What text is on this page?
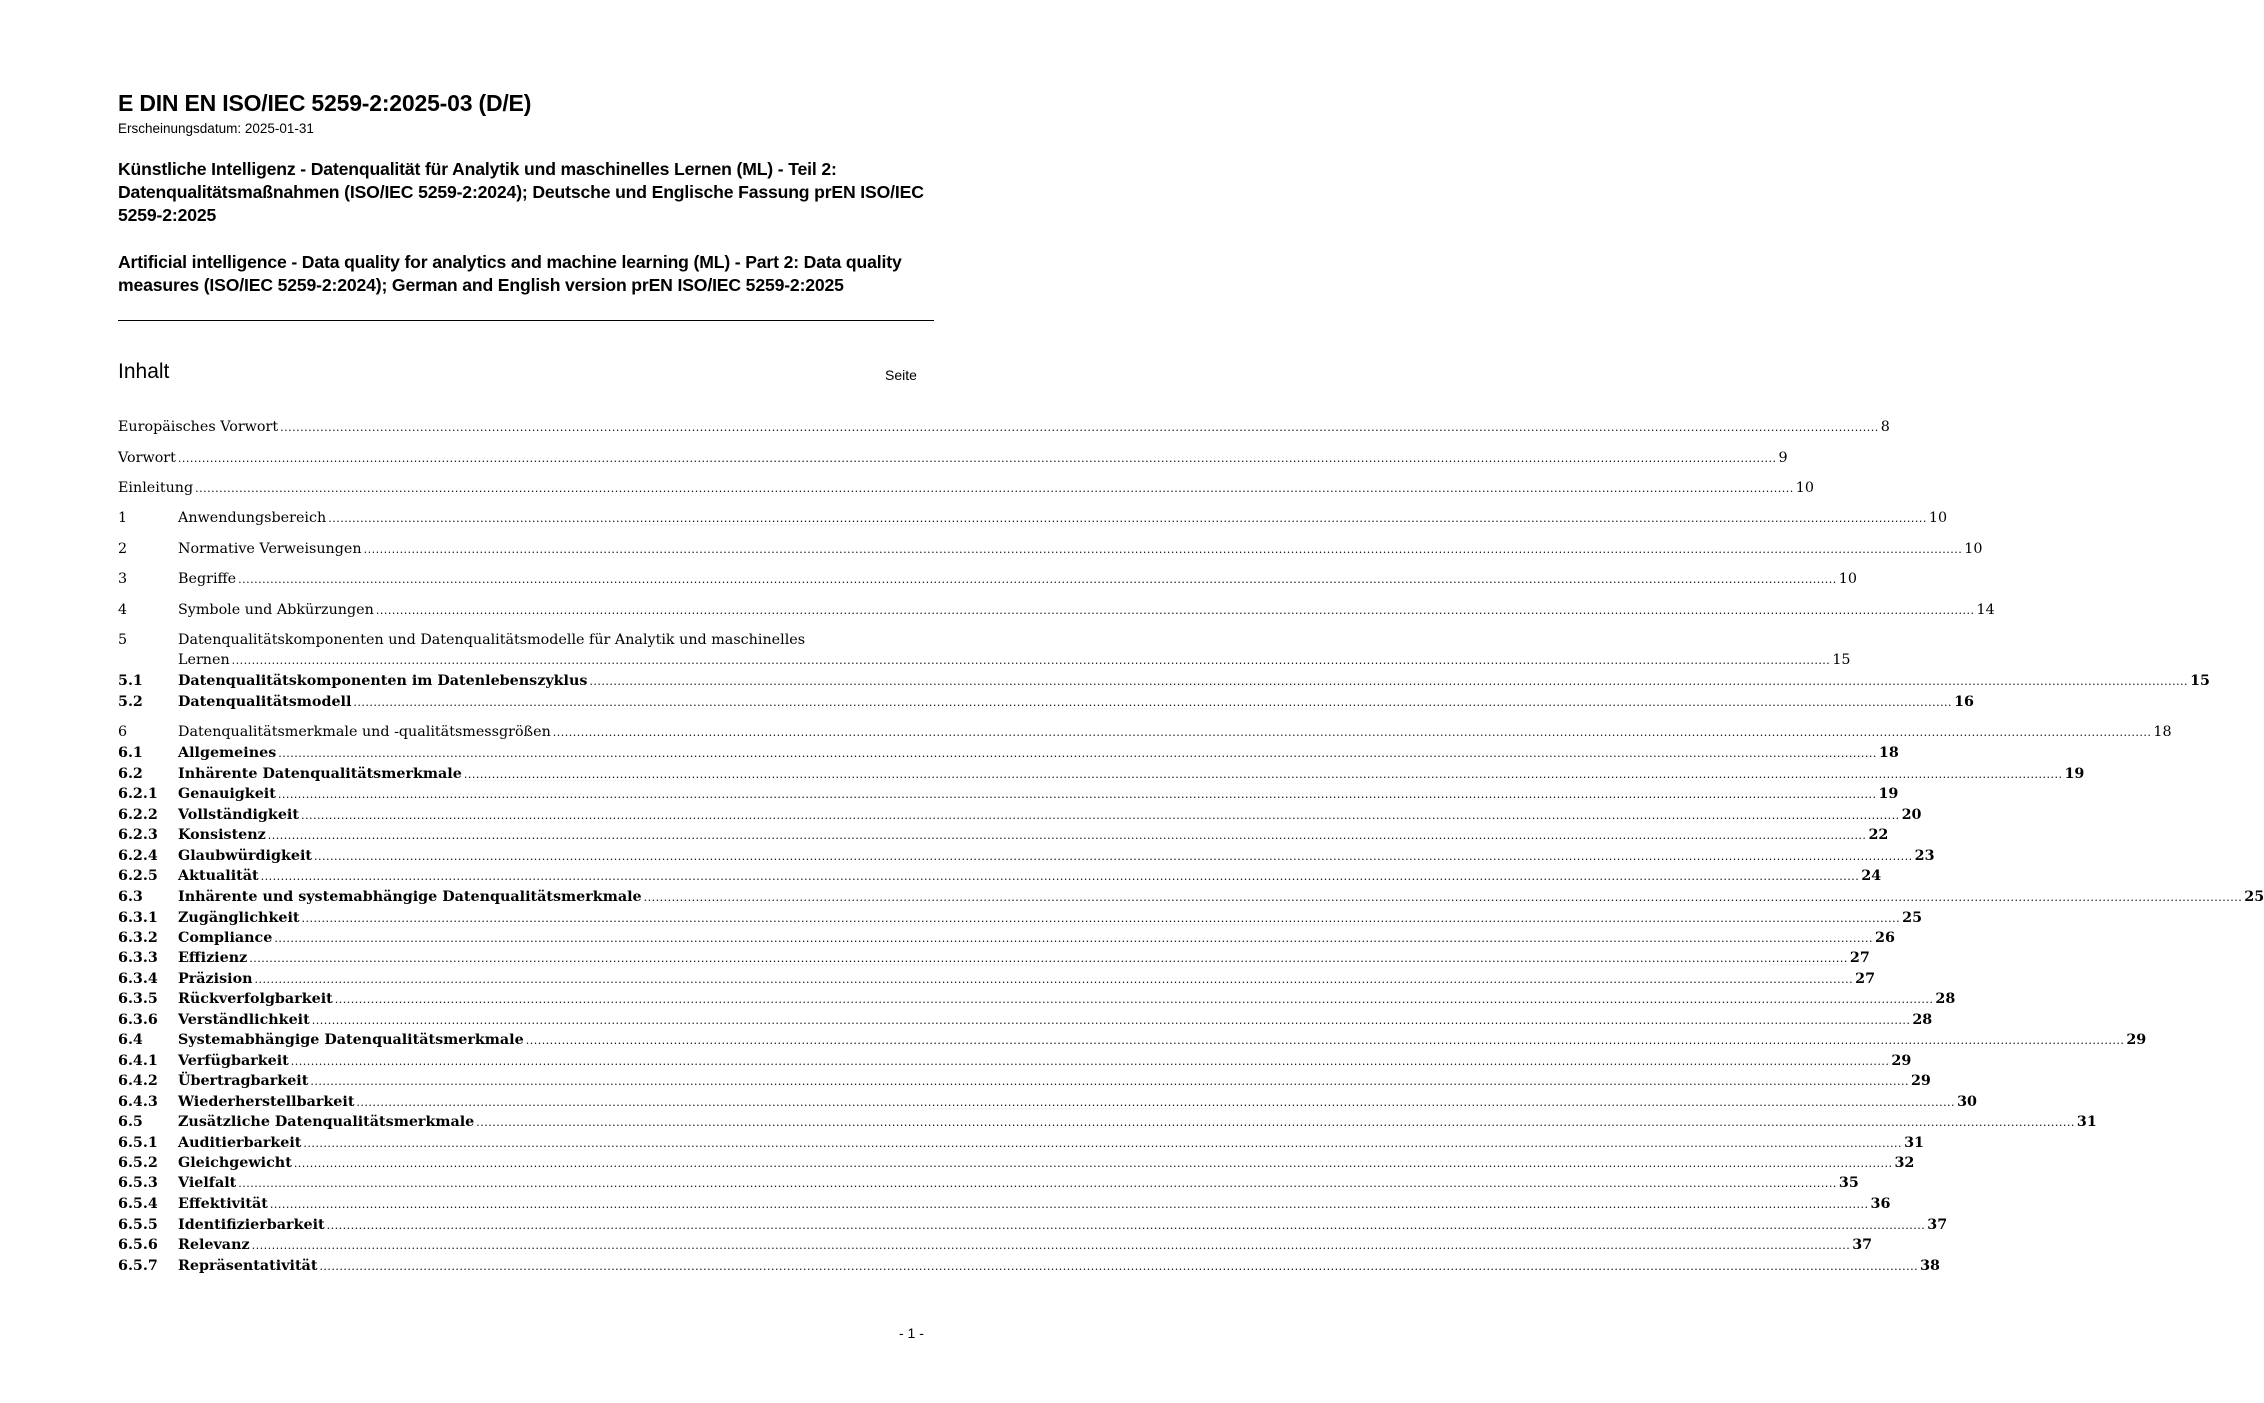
E DIN EN ISO/IEC 5259-2:2025-03 (D/E)
Erscheinungsdatum: 2025-01-31
Künstliche Intelligenz - Datenqualität für Analytik und maschinelles Lernen (ML) - Teil 2: Datenqualitätsmaßnahmen (ISO/IEC 5259-2:2024); Deutsche und Englische Fassung prEN ISO/IEC 5259-2:2025
Artificial intelligence - Data quality for analytics and machine learning (ML) - Part 2: Data quality measures (ISO/IEC 5259-2:2024); German and English version prEN ISO/IEC 5259-2:2025
Inhalt	Seite
Europäisches Vorwort ................................................................................................................................................................................................................................................................................................................................................................................................................ 8
Vorwort ................................................................................................................................................................................................................................................................................................................................................................................................................ 9
Einleitung ................................................................................................................................................................................................................................................................................................................................................................................................................ 10
1	Anwendungsbereich ................................................................................................................................................................................................................................................................................................................................................................................................................ 10
2	Normative Verweisungen ................................................................................................................................................................................................................................................................................................................................................................................................................ 10
3	Begriffe ................................................................................................................................................................................................................................................................................................................................................................................................................ 10
4	Symbole und Abkürzungen ................................................................................................................................................................................................................................................................................................................................................................................................................ 14
5	Datenqualitätskomponenten und Datenqualitätsmodelle für Analytik und maschinelles
Lernen ................................................................................................................................................................................................................................................................................................................................................................................................................ 15
5.1	Datenqualitätskomponenten im Datenlebenszyklus ................................................................................................................................................................................................................................................................................................................................................................................................................ 15
5.2	Datenqualitätsmodell ................................................................................................................................................................................................................................................................................................................................................................................................................ 16
6	Datenqualitätsmerkmale und -qualitätsmessgrößen ................................................................................................................................................................................................................................................................................................................................................................................................................ 18
6.1	Allgemeines ................................................................................................................................................................................................................................................................................................................................................................................................................ 18
6.2	Inhärente Datenqualitätsmerkmale ................................................................................................................................................................................................................................................................................................................................................................................................................ 19
6.2.1	Genauigkeit ................................................................................................................................................................................................................................................................................................................................................................................................................ 19
6.2.2	Vollständigkeit ................................................................................................................................................................................................................................................................................................................................................................................................................ 20
6.2.3	Konsistenz ................................................................................................................................................................................................................................................................................................................................................................................................................ 22
6.2.4	Glaubwürdigkeit ................................................................................................................................................................................................................................................................................................................................................................................................................ 23
6.2.5	Aktualität ................................................................................................................................................................................................................................................................................................................................................................................................................ 24
6.3	Inhärente und systemabhängige Datenqualitätsmerkmale ................................................................................................................................................................................................................................................................................................................................................................................................................ 25
6.3.1	Zugänglichkeit ................................................................................................................................................................................................................................................................................................................................................................................................................ 25
6.3.2	Compliance ................................................................................................................................................................................................................................................................................................................................................................................................................ 26
6.3.3	Effizienz ................................................................................................................................................................................................................................................................................................................................................................................................................ 27
6.3.4	Präzision ................................................................................................................................................................................................................................................................................................................................................................................................................ 27
6.3.5	Rückverfolgbarkeit ................................................................................................................................................................................................................................................................................................................................................................................................................ 28
6.3.6	Verständlichkeit ................................................................................................................................................................................................................................................................................................................................................................................................................ 28
6.4	Systemabhängige Datenqualitätsmerkmale ................................................................................................................................................................................................................................................................................................................................................................................................................ 29
6.4.1	Verfügbarkeit ................................................................................................................................................................................................................................................................................................................................................................................................................ 29
6.4.2	Übertragbarkeit ................................................................................................................................................................................................................................................................................................................................................................................................................ 29
6.4.3	Wiederherstellbarkeit ................................................................................................................................................................................................................................................................................................................................................................................................................ 30
6.5	Zusätzliche Datenqualitätsmerkmale ................................................................................................................................................................................................................................................................................................................................................................................................................ 31
6.5.1	Auditierbarkeit ................................................................................................................................................................................................................................................................................................................................................................................................................ 31
6.5.2	Gleichgewicht ................................................................................................................................................................................................................................................................................................................................................................................................................ 32
6.5.3	Vielfalt ................................................................................................................................................................................................................................................................................................................................................................................................................ 35
6.5.4	Effektivität ................................................................................................................................................................................................................................................................................................................................................................................................................ 36
6.5.5	Identifizierbarkeit ................................................................................................................................................................................................................................................................................................................................................................................................................ 37
6.5.6	Relevanz ................................................................................................................................................................................................................................................................................................................................................................................................................ 37
6.5.7	Repräsentativität ................................................................................................................................................................................................................................................................................................................................................................................................................ 38
- 1 -
